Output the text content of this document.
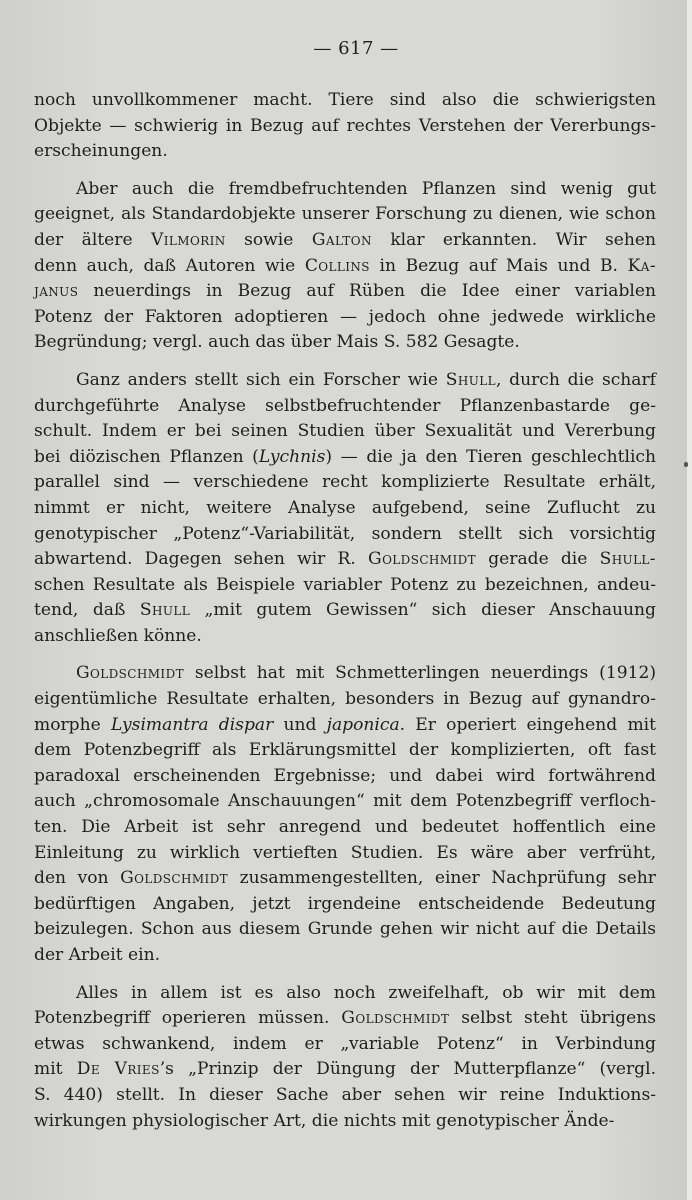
— 617 —
noch unvollkommener macht. Tiere sind also die schwierigsten
Objekte — schwierig in Bezug auf rechtes Verstehen der Vererbungs-
erscheinungen.
Aber auch die fremdbefruchtenden Pflanzen sind wenig gut
geeignet, als Standardobjekte unserer Forschung zu dienen, wie schon
der ältere Vilmorin sowie Galton klar erkannten. Wir sehen
denn auch, daß Autoren wie Collins in Bezug auf Mais und B. Ka-
janus neuerdings in Bezug auf Rüben die Idee einer variablen
Potenz der Faktoren adoptieren — jedoch ohne jedwede wirkliche
Begründung; vergl. auch das über Mais S. 582 Gesagte.
Ganz anders stellt sich ein Forscher wie Shull, durch die scharf
durchgeführte Analyse selbstbefruchtender Pflanzenbastarde ge-
schult. Indem er bei seinen Studien über Sexualität und Vererbung
bei diözischen Pflanzen (Lychnis) — die ja den Tieren geschlechtlich
parallel sind — verschiedene recht komplizierte Resultate erhält,
nimmt er nicht, weitere Analyse aufgebend, seine Zuflucht zu
genotypischer „Potenz“-Variabilität, sondern stellt sich vorsichtig
abwartend. Dagegen sehen wir R. Goldschmidt gerade die Shull-
schen Resultate als Beispiele variabler Potenz zu bezeichnen, andeu-
tend, daß Shull „mit gutem Gewissen“ sich dieser Anschauung
anschließen könne.
Goldschmidt selbst hat mit Schmetterlingen neuerdings (1912)
eigentümliche Resultate erhalten, besonders in Bezug auf gynandro-
morphe Lysimantra dispar und japonica. Er operiert eingehend mit
dem Potenzbegriff als Erklärungsmittel der komplizierten, oft fast
paradoxal erscheinenden Ergebnisse; und dabei wird fortwährend
auch „chromosomale Anschauungen“ mit dem Potenzbegriff verfloch-
ten. Die Arbeit ist sehr anregend und bedeutet hoffentlich eine
Einleitung zu wirklich vertieften Studien. Es wäre aber verfrüht,
den von Goldschmidt zusammengestellten, einer Nachprüfung sehr
bedürftigen Angaben, jetzt irgendeine entscheidende Bedeutung
beizulegen. Schon aus diesem Grunde gehen wir nicht auf die Details
der Arbeit ein.
Alles in allem ist es also noch zweifelhaft, ob wir mit dem
Potenzbegriff operieren müssen. Goldschmidt selbst steht übrigens
etwas schwankend, indem er „variable Potenz“ in Verbindung
mit De Vries’s „Prinzip der Düngung der Mutterpflanze“ (vergl.
S. 440) stellt. In dieser Sache aber sehen wir reine Induktions-
wirkungen physiologischer Art, die nichts mit genotypischer Ände-
